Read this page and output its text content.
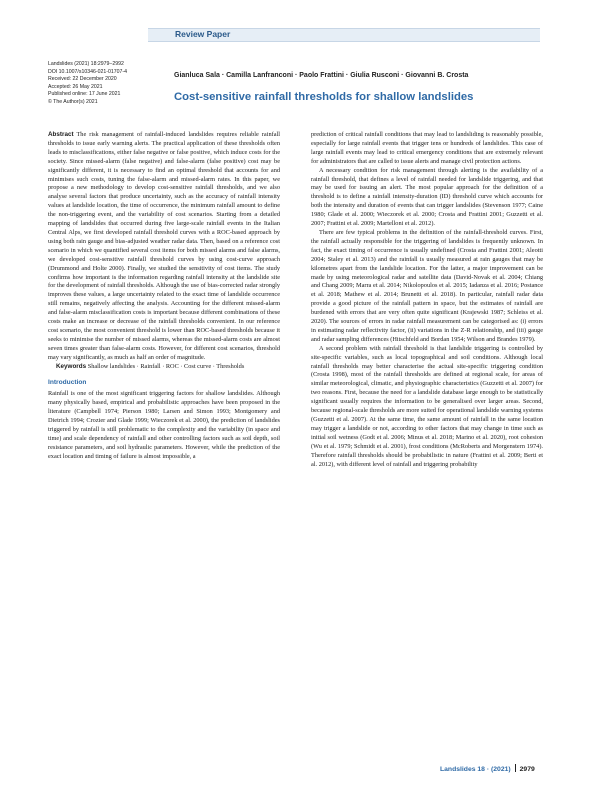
Review Paper
Landslides (2021) 18:2979–2992
DOI 10.1007/s10346-021-01707-4
Received: 22 December 2020
Accepted: 26 May 2021
Published online: 17 June 2021
© The Author(s) 2021
Gianluca Sala · Camilla Lanfranconi · Paolo Frattini · Giulia Rusconi · Giovanni B. Crosta
Cost-sensitive rainfall thresholds for shallow landslides

Abstract The risk management of rainfall-induced landslides requires reliable rainfall thresholds to issue early warning alerts. The practical application of these thresholds often leads to misclassifications, either false negative or false positive, which induce costs for the society. Since missed-alarm (false negative) and false-alarm (false positive) cost may be significantly different, it is necessary to find an optimal threshold that accounts for and minimises such costs, tuning the false-alarm and missed-alarm rates. In this paper, we propose a new methodology to develop cost-sensitive rainfall thresholds, and we also analyse several factors that produce uncertainty, such as the accuracy of rainfall intensity values at landslide location, the time of occurrence, the minimum rainfall amount to define the non-triggering event, and the variability of cost scenarios. Starting from a detailed mapping of landslides that occurred during five large-scale rainfall events in the Italian Central Alps, we first developed rainfall threshold curves with a ROC-based approach by using both rain gauge and bias-adjusted weather radar data. Then, based on a reference cost scenario in which we quantified several cost items for both missed alarms and false alarms, we developed cost-sensitive rainfall threshold curves by using cost-curve approach (Drummond and Holte 2000). Finally, we studied the sensitivity of cost items. The study confirms how important is the information regarding rainfall intensity at the landslide site for the development of rainfall thresholds. Although the use of bias-corrected radar strongly improves these values, a large uncertainty related to the exact time of landslide occurrence still remains, negatively affecting the analysis. Accounting for the different missed-alarm and false-alarm misclassification costs is important because different combinations of these costs make an increase or decrease of the rainfall thresholds convenient. In our reference cost scenario, the most convenient threshold is lower than ROC-based thresholds because it seeks to minimise the number of missed alarms, whereas the missed-alarm costs are almost seven times greater than false-alarm costs. However, for different cost scenarios, threshold may vary significantly, as much as half an order of magnitude.

Keywords Shallow landslides · Rainfall · ROC · Cost curve · Thresholds

Introduction

Rainfall is one of the most significant triggering factors for shallow landslides. Although many physically based, empirical and probabilistic approaches have been proposed in the literature (Campbell 1974; Pierson 1980; Larsen and Simon 1993; Montgomery and Dietrich 1994; Crozier and Glade 1999; Wieczorek et al. 2000), the prediction of landslides triggered by rainfall is still problematic to the complexity and the variability (in space and time) and scale dependency of rainfall and other controlling factors such as soil depth, soil resistance parameters, and soil hydraulic parameters. However, while the prediction of the exact location and timing of failure is almost impossible, a

prediction of critical rainfall conditions that may lead to landsliding is reasonably possible, especially for large rainfall events that trigger tens or hundreds of landslides. This case of large rainfall events may lead to critical emergency conditions that are extremely relevant for administrators that are called to issue alerts and manage civil protection actions.

A necessary condition for risk management through alerting is the availability of a rainfall threshold, that defines a level of rainfall needed for landslide triggering, and that may be used for issuing an alert. The most popular approach for the definition of a threshold is to define a rainfall intensity-duration (ID) threshold curve which accounts for both the intensity and duration of events that can trigger landslides (Stevenson 1977; Caine 1980; Glade et al. 2000; Wieczorek et al. 2000; Crosta and Frattini 2001; Guzzetti et al. 2007; Frattini et al. 2009; Martelloni et al. 2012).

There are few typical problems in the definition of the rainfall-threshold curves. First, the rainfall actually responsible for the triggering of landslides is frequently unknown. In fact, the exact timing of occurrence is usually undefined (Crosta and Frattini 2001; Aleotti 2004; Staley et al. 2013) and the rainfall is usually measured at rain gauges that may be kilometres apart from the landslide location. For the latter, a major improvement can be made by using meteorological radar and satellite data (David-Novak et al. 2004; Chiang and Chang 2009; Marra et al. 2014; Nikolopoulos et al. 2015; Iadanza et al. 2016; Postance et al. 2018; Mathew et al. 2014; Brunetti et al. 2018). In particular, rainfall radar data provide a good picture of the rainfall pattern in space, but the estimates of rainfall are burdened with errors that are very often quite significant (Krajewski 1987; Schleiss et al. 2020). The sources of errors in radar rainfall measurement can be categorised as: (i) errors in estimating radar reflectivity factor, (ii) variations in the Z-R relationship, and (iii) gauge and radar sampling differences (Hitschfeld and Bordan 1954; Wilson and Brandes 1979).

A second problem with rainfall threshold is that landslide triggering is controlled by site-specific variables, such as local topographical and soil conditions. Although local rainfall thresholds may better characterise the actual site-specific triggering condition (Crosta 1998), most of the rainfall thresholds are defined at regional scale, for areas of similar meteorological, climatic, and physiographic characteristics (Guzzetti et al. 2007) for two reasons. First, because the need for a landslide database large enough to be statistically significant usually requires the information to be generalised over larger areas. Second, because regional-scale thresholds are more suited for operational landslide warning systems (Guzzetti et al. 2007). At the same time, the same amount of rainfall in the same location may trigger a landslide or not, according to other factors that may change in time such as initial soil wetness (Godt et al. 2006; Minus et al. 2018; Marino et al. 2020), root cohesion (Wu et al. 1979; Schmidt et al. 2001), frost conditions (McRoberts and Morgenstern 1974). Therefore rainfall thresholds should be probabilistic in nature (Frattini et al. 2009; Berti et al. 2012), with different level of rainfall and triggering probability

Landslides 18 · (2021) 2979
